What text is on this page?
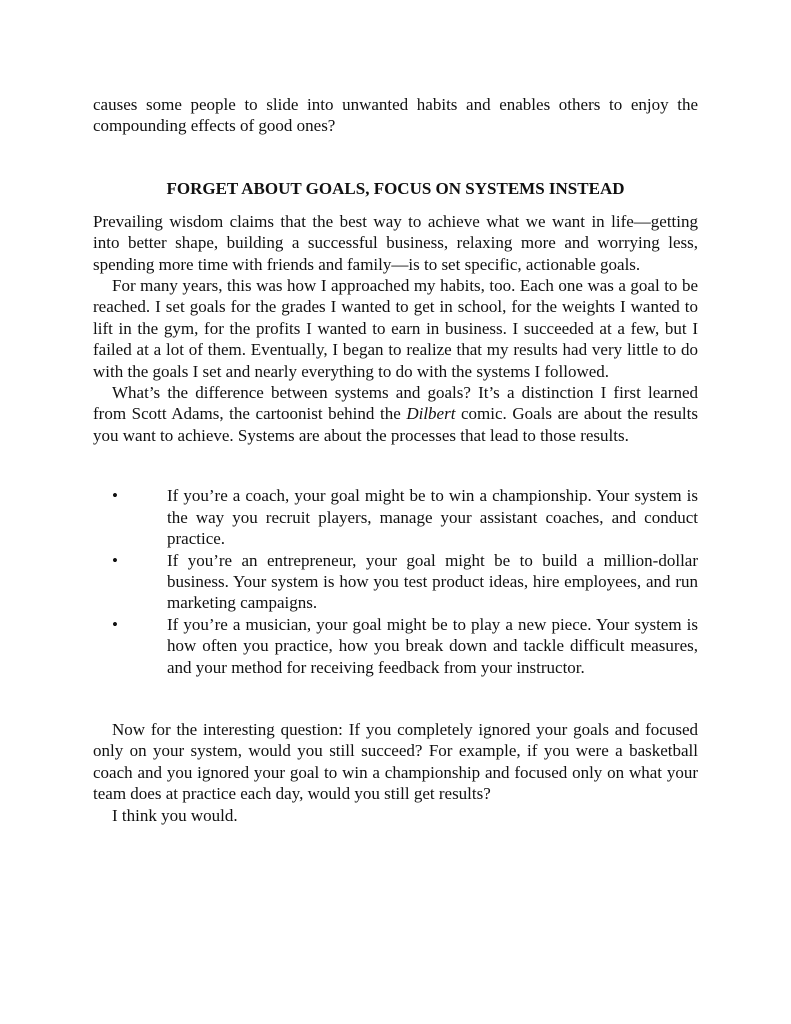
causes some people to slide into unwanted habits and enables others to enjoy the compounding effects of good ones?

FORGET ABOUT GOALS, FOCUS ON SYSTEMS INSTEAD

Prevailing wisdom claims that the best way to achieve what we want in life—getting into better shape, building a successful business, relaxing more and worrying less, spending more time with friends and family—is to set specific, actionable goals.

For many years, this was how I approached my habits, too. Each one was a goal to be reached. I set goals for the grades I wanted to get in school, for the weights I wanted to lift in the gym, for the profits I wanted to earn in business. I succeeded at a few, but I failed at a lot of them. Eventually, I began to realize that my results had very little to do with the goals I set and nearly everything to do with the systems I followed.

What’s the difference between systems and goals? It’s a distinction I first learned from Scott Adams, the cartoonist behind the Dilbert comic. Goals are about the results you want to achieve. Systems are about the processes that lead to those results.

•	If you’re a coach, your goal might be to win a championship. Your system is the way you recruit players, manage your assistant coaches, and conduct practice.
•	If you’re an entrepreneur, your goal might be to build a million-dollar business. Your system is how you test product ideas, hire employees, and run marketing campaigns.
•	If you’re a musician, your goal might be to play a new piece. Your system is how often you practice, how you break down and tackle difficult measures, and your method for receiving feedback from your instructor.

Now for the interesting question: If you completely ignored your goals and focused only on your system, would you still succeed? For example, if you were a basketball coach and you ignored your goal to win a championship and focused only on what your team does at practice each day, would you still get results?

I think you would.
